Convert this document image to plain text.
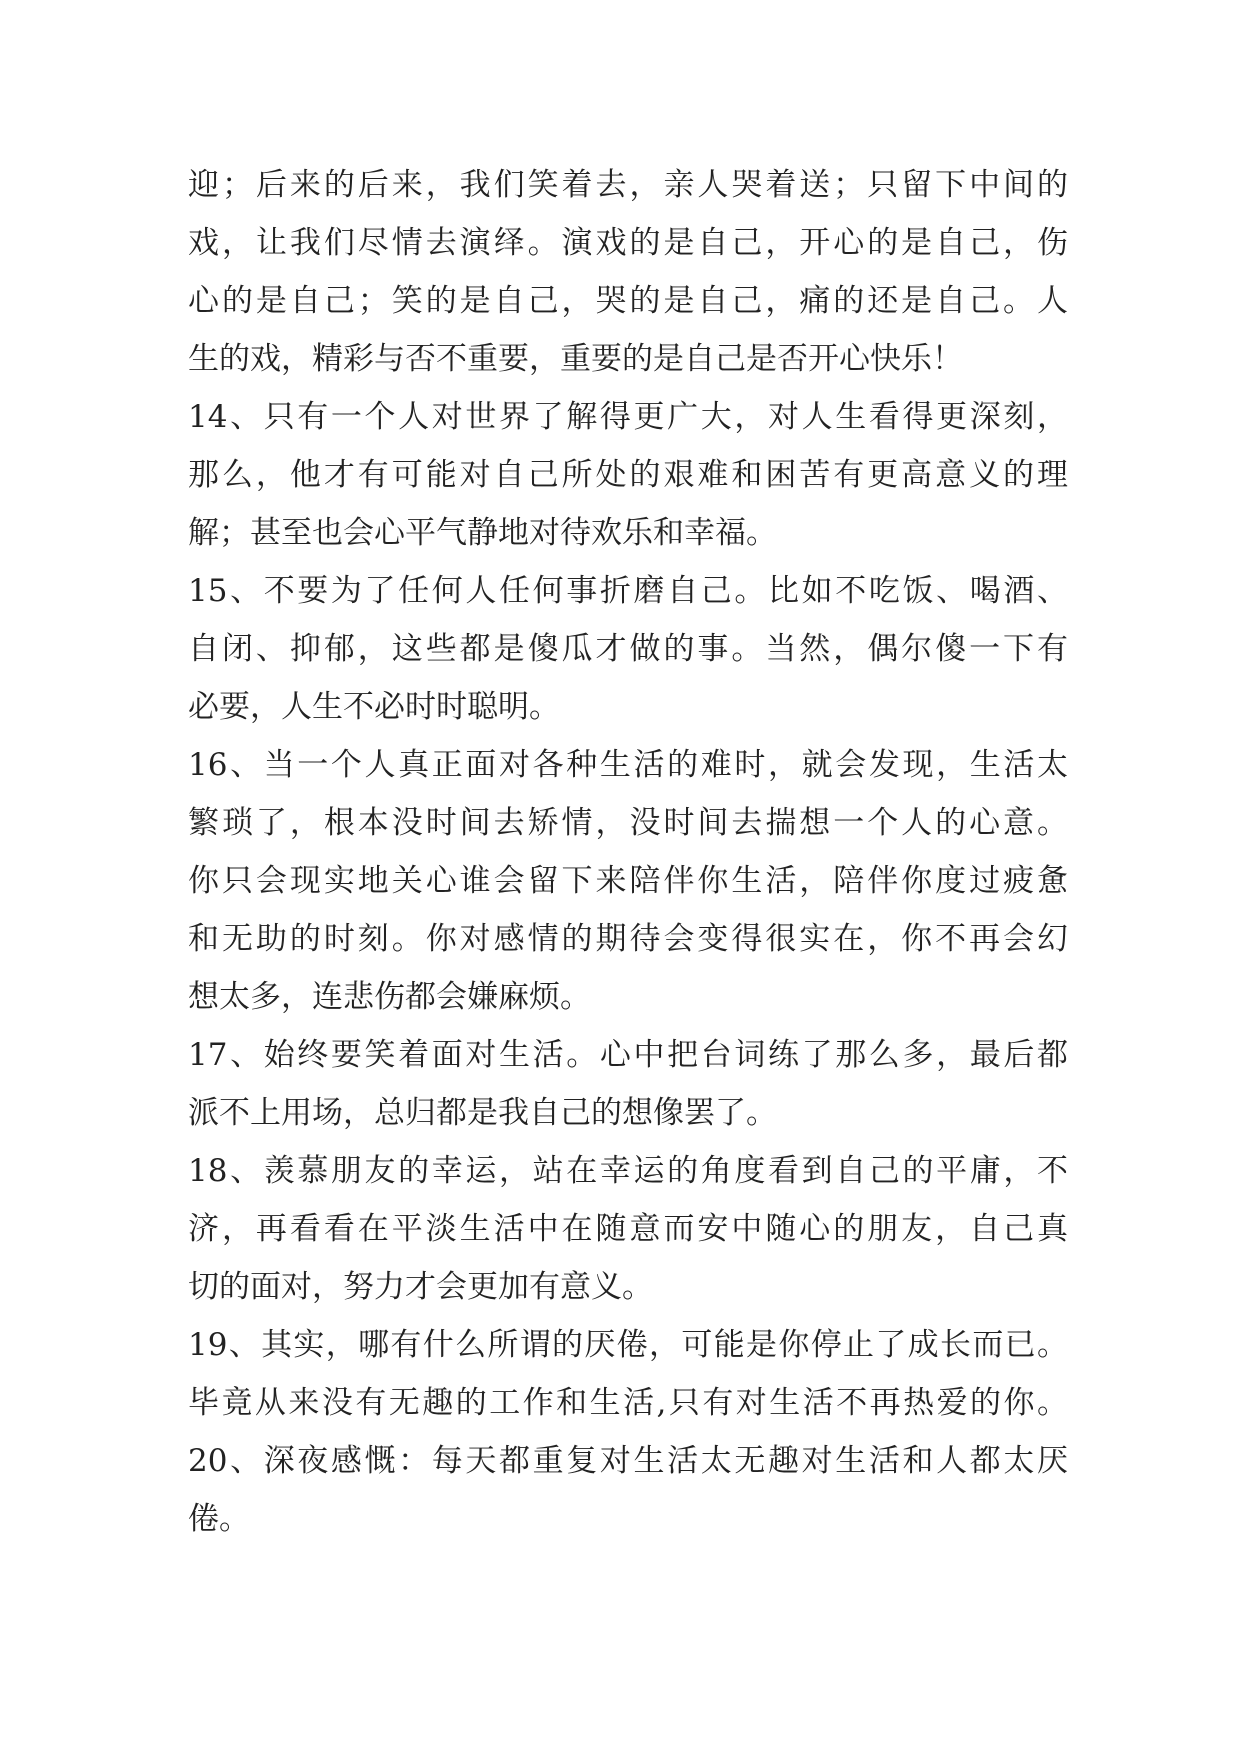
迎；后来的后来，我们笑着去，亲人哭着送；只留下中间的
戏，让我们尽情去演绎。演戏的是自己，开心的是自己，伤
心的是自己；笑的是自己，哭的是自己，痛的还是自己。人
生的戏，精彩与否不重要，重要的是自己是否开心快乐！
14、只有一个人对世界了解得更广大，对人生看得更深刻，
那么，他才有可能对自己所处的艰难和困苦有更高意义的理
解；甚至也会心平气静地对待欢乐和幸福。
15、不要为了任何人任何事折磨自己。比如不吃饭、喝酒、
自闭、抑郁，这些都是傻瓜才做的事。当然，偶尔傻一下有
必要，人生不必时时聪明。
16、当一个人真正面对各种生活的难时，就会发现，生活太
繁琐了，根本没时间去矫情，没时间去揣想一个人的心意。
你只会现实地关心谁会留下来陪伴你生活，陪伴你度过疲惫
和无助的时刻。你对感情的期待会变得很实在，你不再会幻
想太多，连悲伤都会嫌麻烦。
17、始终要笑着面对生活。心中把台词练了那么多，最后都
派不上用场，总归都是我自己的想像罢了。
18、羡慕朋友的幸运，站在幸运的角度看到自己的平庸，不
济，再看看在平淡生活中在随意而安中随心的朋友，自己真
切的面对，努力才会更加有意义。
19、其实，哪有什么所谓的厌倦，可能是你停止了成长而已。
毕竟从来没有无趣的工作和生活,只有对生活不再热爱的你。
20、深夜感慨：每天都重复对生活太无趣对生活和人都太厌
倦。
